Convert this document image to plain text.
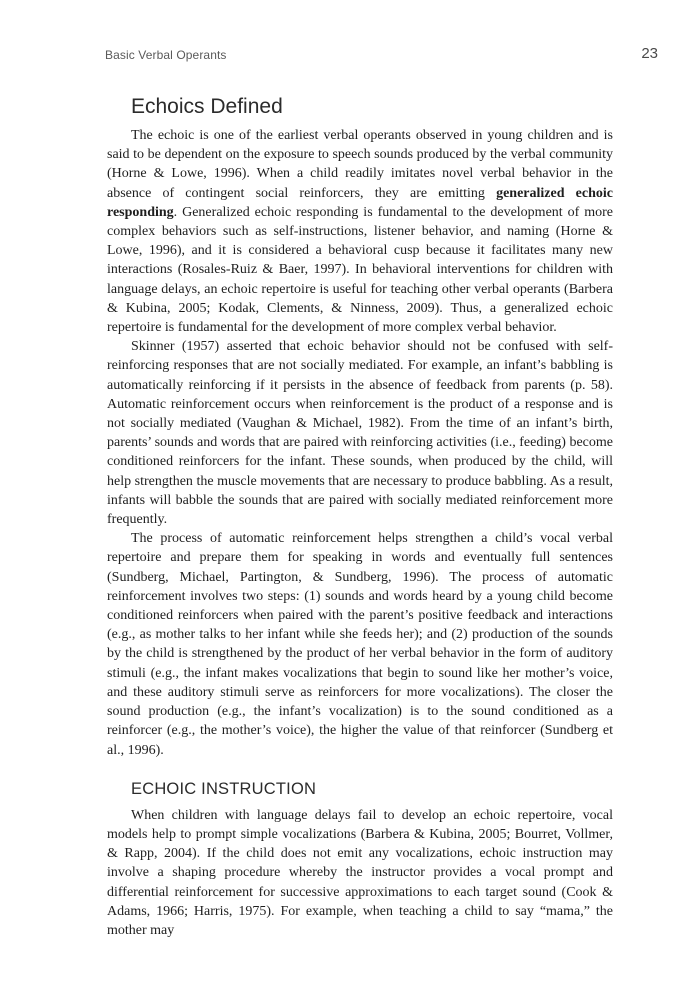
Basic Verbal Operants	23
Echoics Defined

The echoic is one of the earliest verbal operants observed in young children and is said to be dependent on the exposure to speech sounds produced by the verbal community (Horne & Lowe, 1996). When a child readily imitates novel verbal behavior in the absence of contingent social reinforcers, they are emitting generalized echoic responding. Generalized echoic responding is fundamental to the development of more complex behaviors such as self-instructions, listener behavior, and naming (Horne & Lowe, 1996), and it is considered a behavioral cusp because it facilitates many new interactions (Rosales-Ruiz & Baer, 1997). In behavioral interventions for children with language delays, an echoic repertoire is useful for teaching other verbal operants (Barbera & Kubina, 2005; Kodak, Clements, & Ninness, 2009). Thus, a generalized echoic repertoire is fundamental for the development of more complex verbal behavior.

Skinner (1957) asserted that echoic behavior should not be confused with self-reinforcing responses that are not socially mediated. For example, an infant’s babbling is automatically reinforcing if it persists in the absence of feedback from parents (p. 58). Automatic reinforcement occurs when reinforcement is the product of a response and is not socially mediated (Vaughan & Michael, 1982). From the time of an infant’s birth, parents’ sounds and words that are paired with reinforcing activities (i.e., feeding) become conditioned reinforcers for the infant. These sounds, when produced by the child, will help strengthen the muscle movements that are necessary to produce babbling. As a result, infants will babble the sounds that are paired with socially mediated reinforcement more frequently.

The process of automatic reinforcement helps strengthen a child’s vocal verbal repertoire and prepare them for speaking in words and eventually full sentences (Sundberg, Michael, Partington, & Sundberg, 1996). The process of automatic reinforcement involves two steps: (1) sounds and words heard by a young child become conditioned reinforcers when paired with the parent’s positive feedback and interactions (e.g., as mother talks to her infant while she feeds her); and (2) production of the sounds by the child is strengthened by the product of her verbal behavior in the form of auditory stimuli (e.g., the infant makes vocalizations that begin to sound like her mother’s voice, and these auditory stimuli serve as reinforcers for more vocalizations). The closer the sound production (e.g., the infant’s vocalization) is to the sound conditioned as a reinforcer (e.g., the mother’s voice), the higher the value of that reinforcer (Sundberg et al., 1996).

ECHOIC INSTRUCTION

When children with language delays fail to develop an echoic repertoire, vocal models help to prompt simple vocalizations (Barbera & Kubina, 2005; Bourret, Vollmer, & Rapp, 2004). If the child does not emit any vocalizations, echoic instruction may involve a shaping procedure whereby the instructor provides a vocal prompt and differential reinforcement for successive approximations to each target sound (Cook & Adams, 1966; Harris, 1975). For example, when teaching a child to say “mama,” the mother may
